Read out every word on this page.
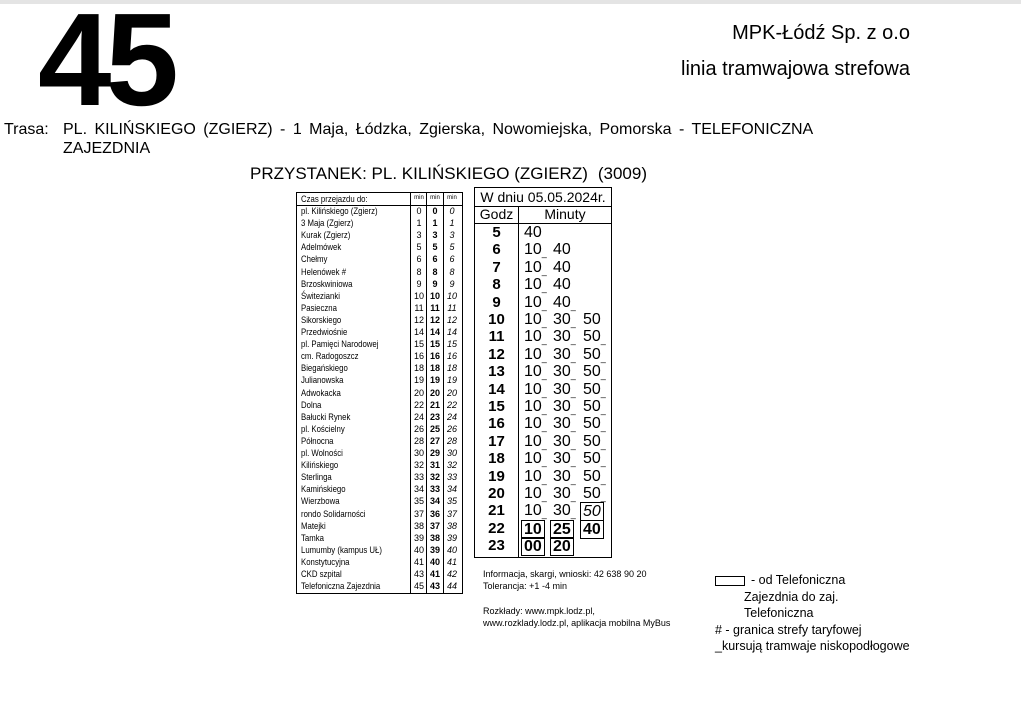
45	MPK-Łódź Sp. z o.o
linia tramwajowa strefowa
Trasa: PL. KILIŃSKIEGO (ZGIERZ) - 1 Maja, Łódzka, Zgierska, Nowomiejska, Pomorska - TELEFONICZNA ZAJEZDNIA
PRZYSTANEK: PL. KILIŃSKIEGO (ZGIERZ) (3009)
Czas przejazdu do:	min	min	min
pl. Kilińskiego (Zgierz)	0	0	0
3 Maja (Zgierz)	1	1	1
Kurak (Zgierz)	3	3	3
Adelmówek	5	5	5
Chełmy	6	6	6
Helenówek #	8	8	8
Brzoskwiniowa	9	9	9
Świtezianki	10 10 10
Pasieczna	11 11 11
Sikorskiego	12 12 12
Przedwiośnie	14 14 14
pl. Pamięci Narodowej	15 15 15
cm. Radogoszcz	16 16 16
Biegańskiego	18 18 18
Julianowska	19 19 19
Adwokacka	20 20 20
Dolna	22 21 22
Bałucki Rynek	24 23 24
pl. Kościelny	26 25 26
Północna	28 27 28
pl. Wolności	30 29 30
Kilińskiego	32 31 32
Sterlinga	33 32 33
Kamińskiego	34 33 34
Wierzbowa	35 34 35
rondo Solidarności	37 36 37
Matejki	38 37 38
Tamka	39 38 39
Lumumby (kampus UŁ)	40 39 40
Konstytucyjna	41 40 41
CKD szpital	43 41 42
Telefoniczna Zajezdnia	45 43 44
W dniu 05.05.2024r.
Godz	Minuty
5	40
6	10_ 40
7	10_ 40
8	10_ 40
9	10_ 40_
10	10_ 30_ 50
11	10_ 30_ 50_
12	10_ 30_ 50_
13	10_ 30_ 50_
14	10_ 30_ 50_
15	10_ 30_ 50_
16	10_ 30_ 50_
17	10_ 30_ 50_
18	10_ 30_ 50_
19	10_ 30_ 50_
20	10_ 30_ 50_
21	10_ 30_ 50
22	10 25 40
23	00 20
Informacja, skargi, wnioski: 42 638 90 20
Tolerancja: +1 -4 min
Rozkłady: www.mpk.lodz.pl,
www.rozklady.lodz.pl, aplikacja mobilna MyBus
- od Telefoniczna
Zajezdnia do zaj.
Telefoniczna
# - granica strefy taryfowej
_kursują tramwaje niskopodłogowe
